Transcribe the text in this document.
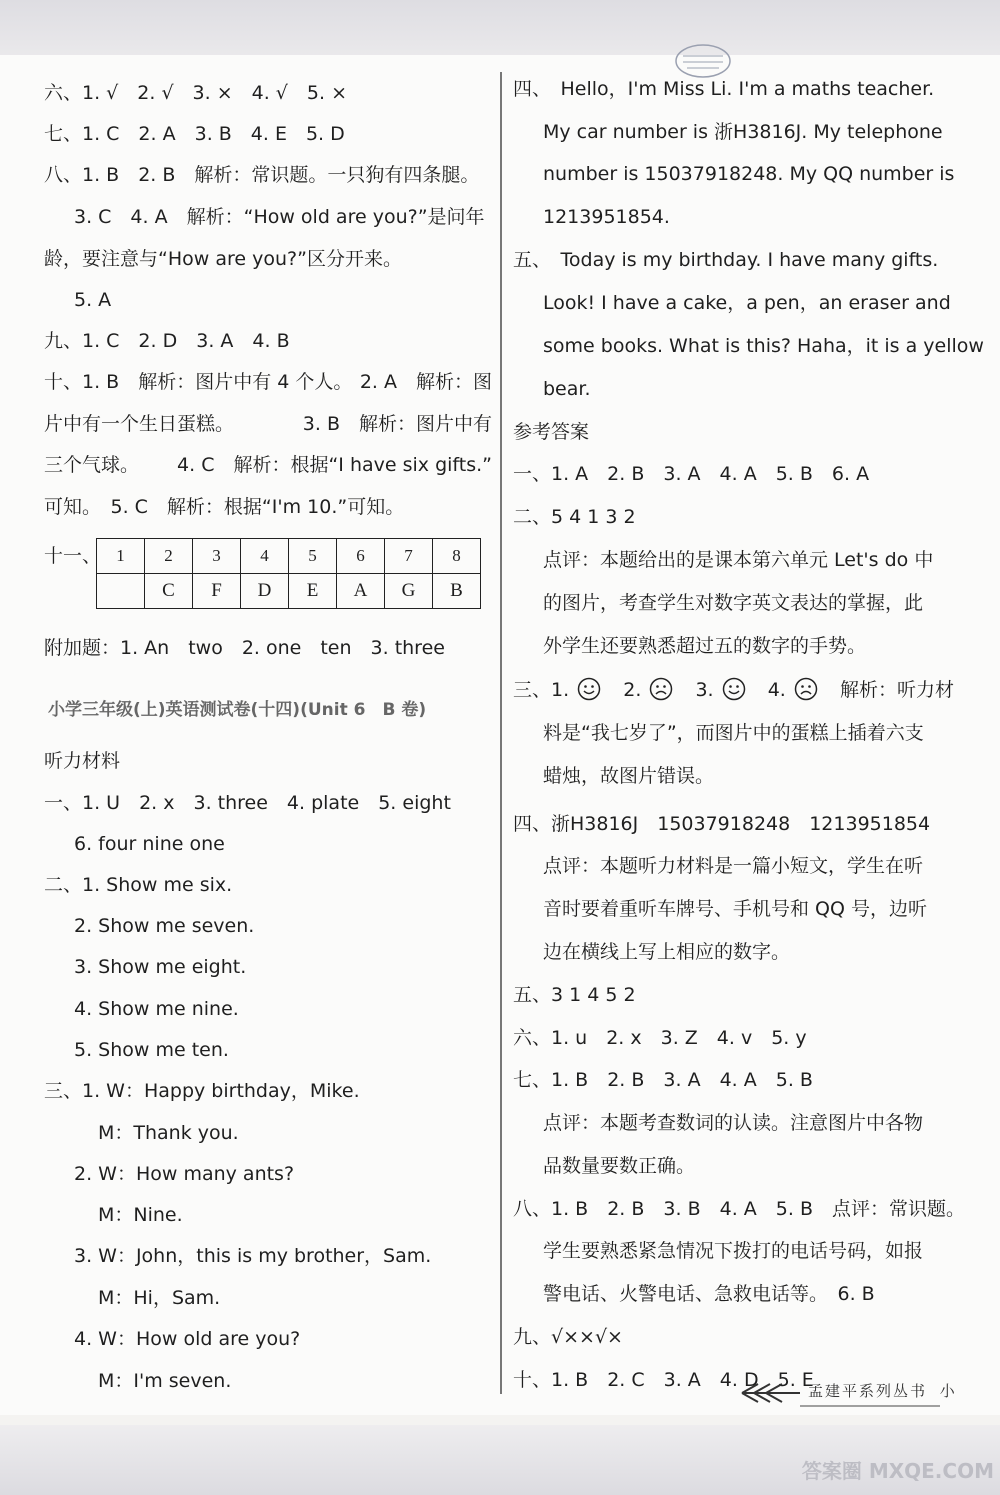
六、1. √　2. √　3. ×　4. √　5. ×
七、1. C　2. A　3. B　4. E　5. D
八、1. B　2. B　解析：常识题。一只狗有四条腿。
3. C　4. A　解析：“How old are you?”是问年
龄，要注意与“How are you?”区分开来。
5. A
九、1. C　2. D　3. A　4. B
十、1. B　解析：图片中有 4 个人。 2. A　解析：图
片中有一个生日蛋糕。	3. B　解析：图片中有
三个气球。 4. C　解析：根据“I have six gifts.”
可知。　5. C　解析：根据“I'm 10.”可知。
十一、 1	2	3	4	5	6	7	8
	C	F	D	E	A	G	B
附加题：1. An　two　2. one　ten　3. three
小学三年级(上)英语测试卷(十四)(Unit 6　B 卷)
听力材料
一、1. U　2. x　3. three　4. plate　5. eight
6. four nine one
二、1. Show me six.
2. Show me seven.
3. Show me eight.
4. Show me nine.
5. Show me ten.
三、1. W：Happy birthday，Mike.
M：Thank you.
2. W：How many ants?
M：Nine.
3. W：John，this is my brother，Sam.
M：Hi，Sam.
4. W：How old are you?
M：I'm seven.
四、　Hello，I'm Miss Li. I'm a maths teacher.
My car number is 浙H3816J. My telephone
number is 15037918248. My QQ number is
1213951854.
五、　Today is my birthday. I have many gifts.
Look! I have a cake，a pen，an eraser and
some books. What is this? Haha，it is a yellow
bear.
参考答案
一、1. A　2. B　3. A　4. A　5. B　6. A
二、5 4 1 3 2
点评：本题给出的是课本第六单元 Let's do 中
的图片，考查学生对数字英文表达的掌握，此
外学生还要熟悉超过五的数字的手势。
三、1.	2.	3.	4.	解析：听力材
料是“我七岁了”，而图片中的蛋糕上插着六支
蜡烛，故图片错误。
四、浙H3816J　15037918248　1213951854
点评：本题听力材料是一篇小短文，学生在听
音时要着重听车牌号、手机号和 QQ 号，边听
边在横线上写上相应的数字。
五、3 1 4 5 2
六、1. u　2. x　3. Z　4. v　5. y
七、1. B　2. B　3. A　4. A　5. B
点评：本题考查数词的认读。注意图片中各物
品数量要数正确。
八、1. B　2. B　3. B　4. A　5. B　点评：常识题。
学生要熟悉紧急情况下拨打的电话号码，如报
警电话、火警电话、急救电话等。　6. B
九、√××√×
十、1. B　2. C　3. A　4. D　5. E
孟建平系列丛书 小
答案圈 MXQE.COM
